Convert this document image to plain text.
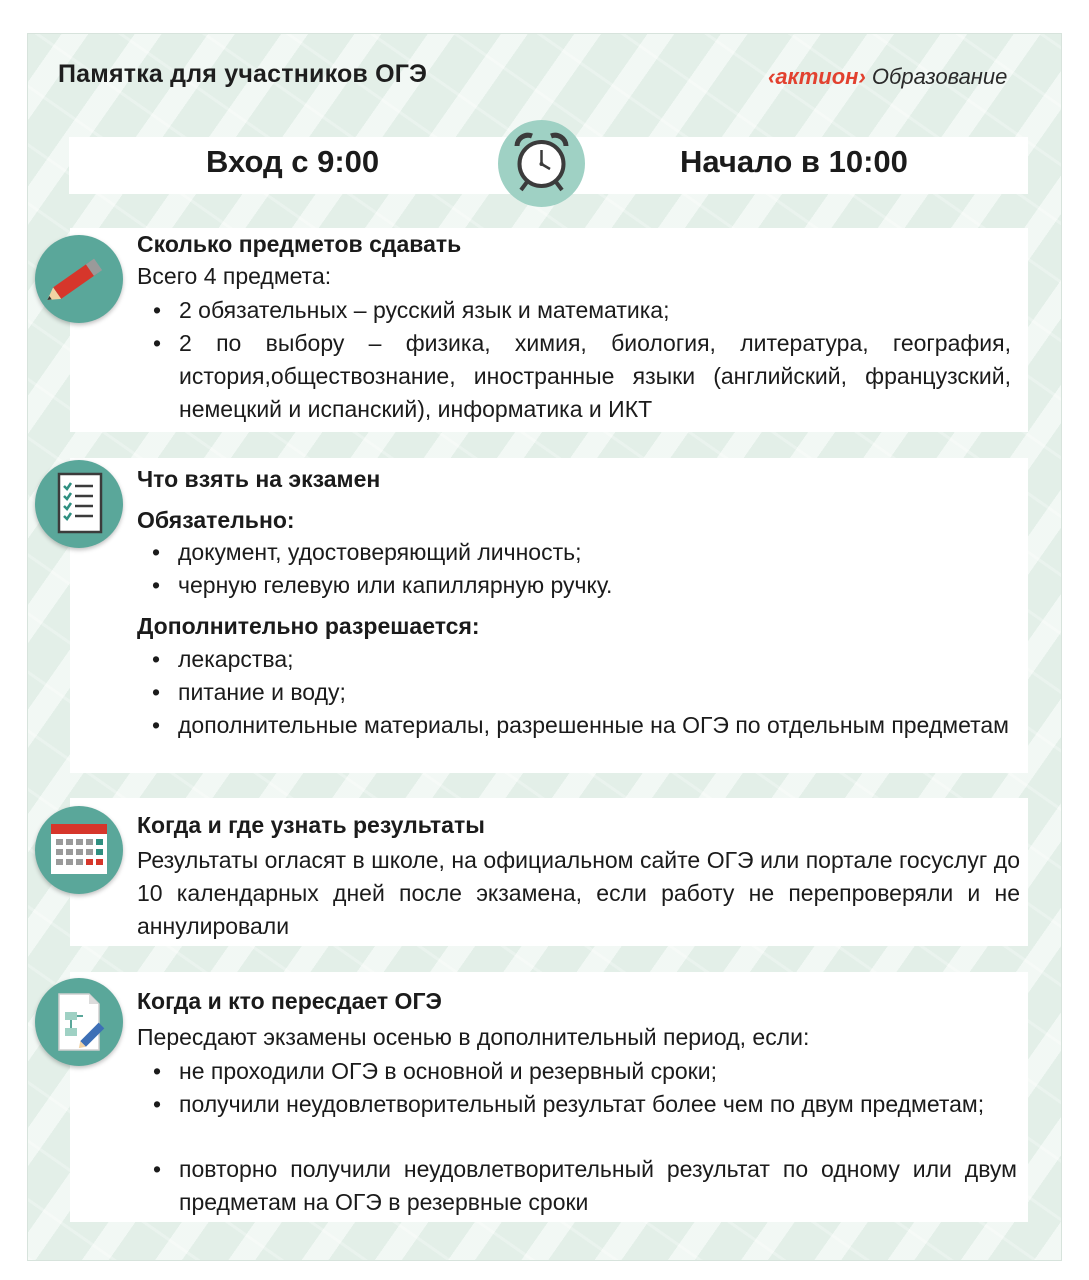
Памятка для участников ОГЭ	‹актион› Образование
Вход с 9:00	Начало в 10:00
Сколько предметов сдавать
Всего 4 предмета:
• 2 обязательных – русский язык и математика;
• 2 по выбору – физика, химия, биология, литература, география, история,обществознание, иностранные языки (английский, французский, немецкий и испанский), информатика и ИКТ
Что взять на экзамен
Обязательно:
• документ, удостоверяющий личность;
• черную гелевую или капиллярную ручку.
Дополнительно разрешается:
• лекарства;
• питание и воду;
• дополнительные материалы, разрешенные на ОГЭ по отдельным предметам
Когда и где узнать результаты
Результаты огласят в школе, на официальном сайте ОГЭ или портале госуслуг до 10 календарных дней после экзамена, если работу не перепроверяли и не аннулировали
Когда и кто пересдает ОГЭ
Пересдают экзамены осенью в дополнительный период, если:
• не проходили ОГЭ в основной и резервный сроки;
• получили неудовлетворительный результат более чем по двум предметам;
• повторно получили неудовлетворительный результат по одному или двум предметам на ОГЭ в резервные сроки
